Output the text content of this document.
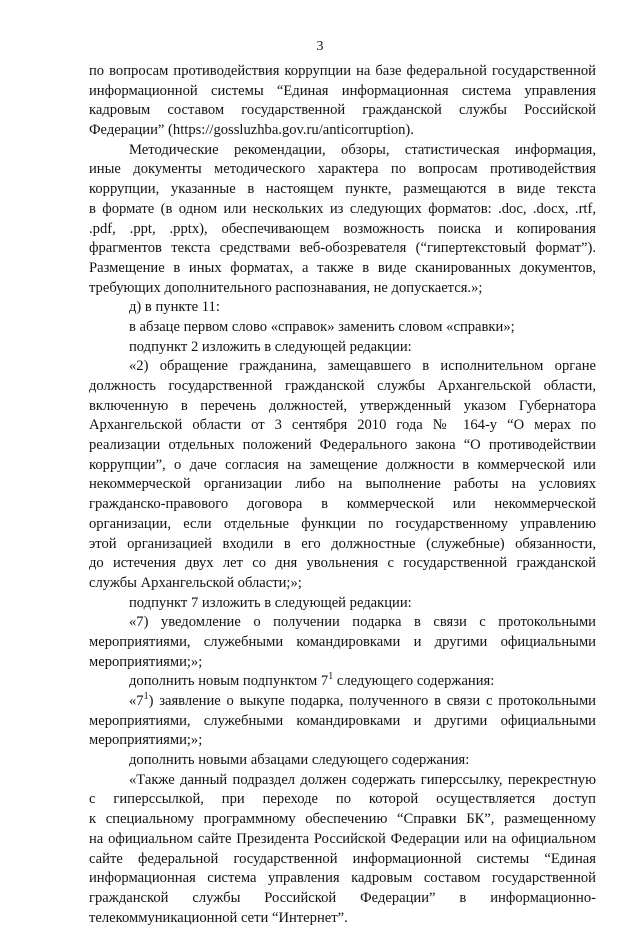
3
по вопросам противодействия коррупции на базе федеральной государственной
информационной системы “Единая информационная система управления
кадровым составом государственной гражданской службы Российской
Федерации” (https://gossluzhba.gov.ru/anticorruption).
Методические рекомендации, обзоры, статистическая информация,
иные документы методического характера по вопросам противодействия
коррупции, указанные в настоящем пункте, размещаются в виде текста
в формате (в одном или нескольких из следующих форматов: .doc, .docx, .rtf,
.pdf, .ppt, .pptx), обеспечивающем возможность поиска и копирования
фрагментов текста средствами веб-обозревателя (“гипертекстовый формат”).
Размещение в иных форматах, а также в виде сканированных документов,
требующих дополнительного распознавания, не допускается.»;
д) в пункте 11:
в абзаце первом слово «справок» заменить словом «справки»;
подпункт 2 изложить в следующей редакции:
«2) обращение гражданина, замещавшего в исполнительном органе
должность государственной гражданской службы Архангельской области,
включенную в перечень должностей, утвержденный указом Губернатора
Архангельской области от 3 сентября 2010 года № 164-у “О мерах по
реализации отдельных положений Федерального закона “О противодействии
коррупции”, о даче согласия на замещение должности в коммерческой или
некоммерческой организации либо на выполнение работы на условиях
гражданско-правового договора в коммерческой или некоммерческой
организации, если отдельные функции по государственному управлению
этой организацией входили в его должностные (служебные) обязанности,
до истечения двух лет со дня увольнения с государственной гражданской
службы Архангельской области;»;
подпункт 7 изложить в следующей редакции:
«7) уведомление о получении подарка в связи с протокольными
мероприятиями, служебными командировками и другими официальными
мероприятиями;»;
дополнить новым подпунктом $7^1$ следующего содержания:
«$7^1$) заявление о выкупе подарка, полученного в связи с протокольными
мероприятиями, служебными командировками и другими официальными
мероприятиями;»;
дополнить новыми абзацами следующего содержания:
«Также данный подраздел должен содержать гиперссылку, перекрестную
с гиперссылкой, при переходе по которой осуществляется доступ
к специальному программному обеспечению “Справки БК”, размещенному
на официальном сайте Президента Российской Федерации или на официальном
сайте федеральной государственной информационной системы “Единая
информационная система управления кадровым составом государственной
гражданской службы Российской Федерации” в информационно-
телекоммуникационной сети “Интернет”.
